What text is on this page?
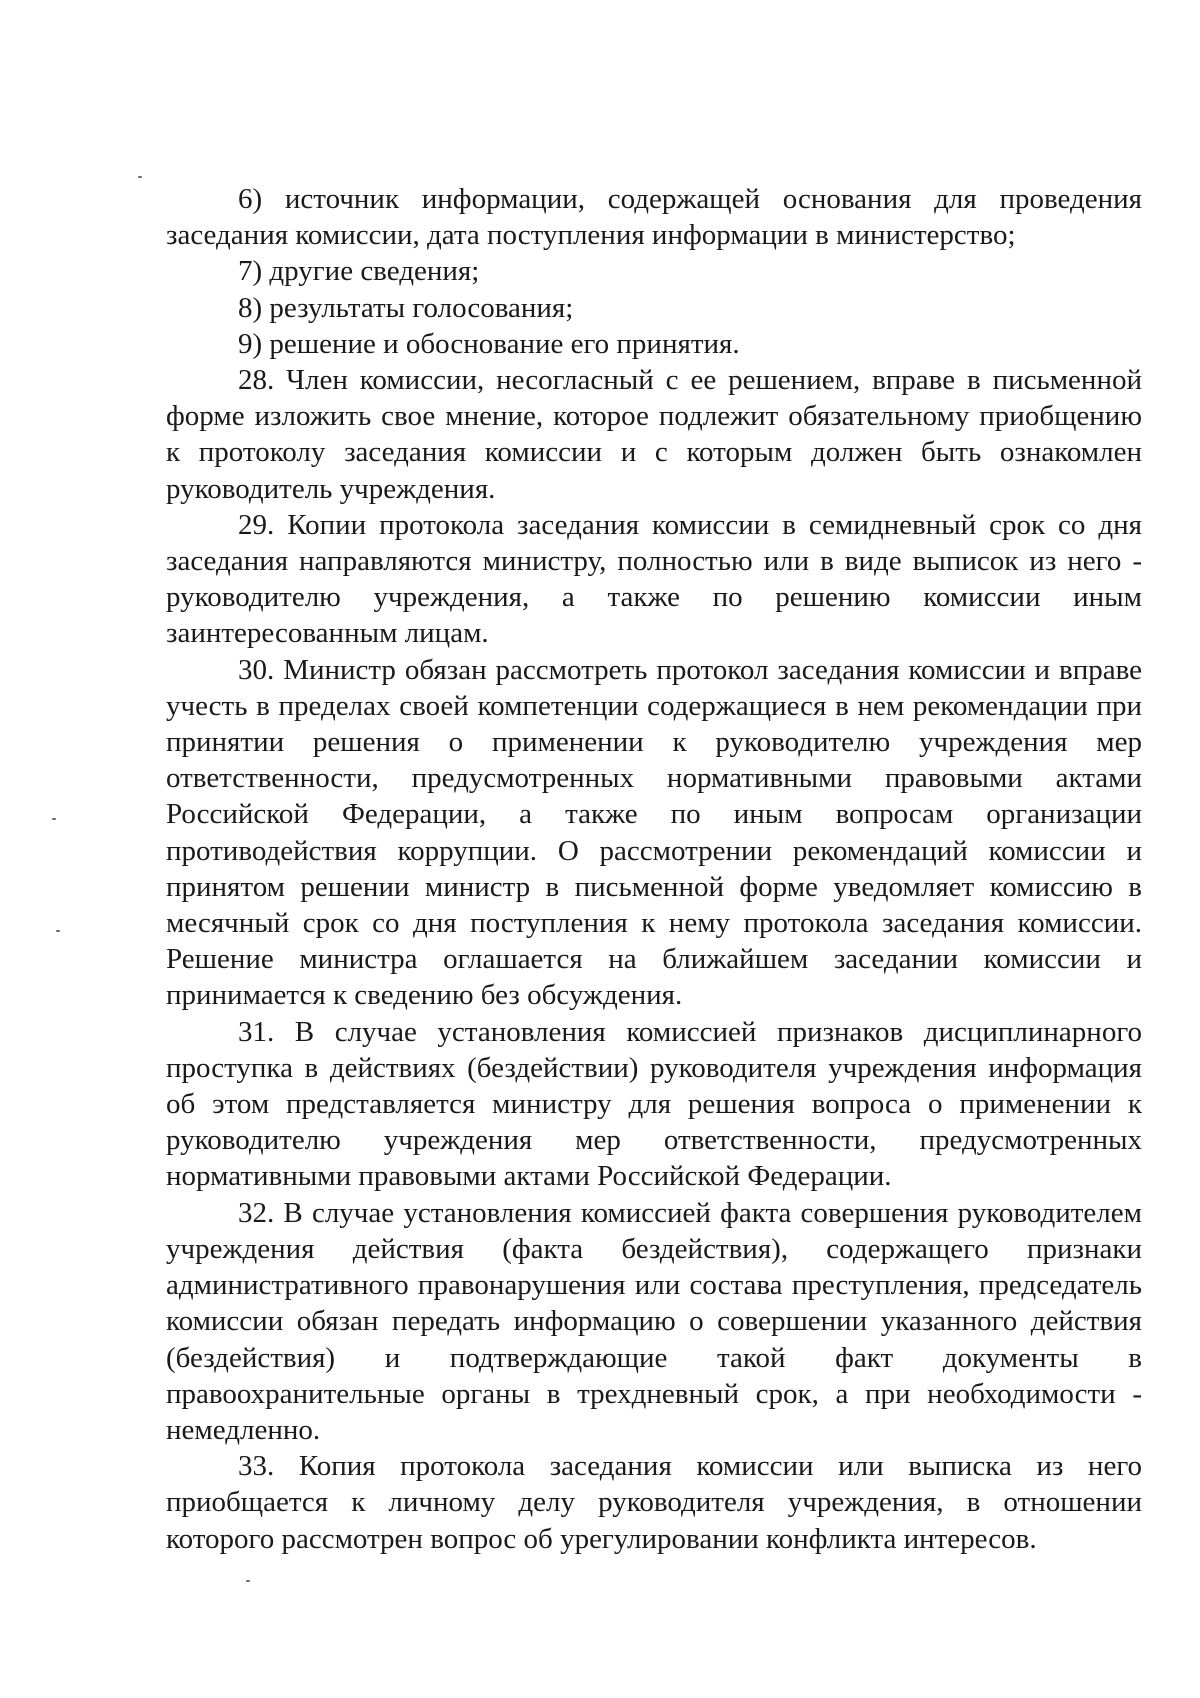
6) источник информации, содержащей основания для проведения заседания комиссии, дата поступления информации в министерство;

7) другие сведения;

8) результаты голосования;

9) решение и обоснование его принятия.

28. Член комиссии, несогласный с ее решением, вправе в письменной форме изложить свое мнение, которое подлежит обязательному приобщению к протоколу заседания комиссии и с которым должен быть ознакомлен руководитель учреждения.

29. Копии протокола заседания комиссии в семидневный срок со дня заседания направляются министру, полностью или в виде выписок из него - руководителю учреждения, а также по решению комиссии иным заинтересованным лицам.

30. Министр обязан рассмотреть протокол заседания комиссии и вправе учесть в пределах своей компетенции содержащиеся в нем рекомендации при принятии решения о применении к руководителю учреждения мер ответственности, предусмотренных нормативными правовыми актами Российской Федерации, а также по иным вопросам организации противодействия коррупции. О рассмотрении рекомендаций комиссии и принятом решении министр в письменной форме уведомляет комиссию в месячный срок со дня поступления к нему протокола заседания комиссии. Решение министра оглашается на ближайшем заседании комиссии и принимается к сведению без обсуждения.

31. В случае установления комиссией признаков дисциплинарного проступка в действиях (бездействии) руководителя учреждения информация об этом представляется министру для решения вопроса о применении к руководителю учреждения мер ответственности, предусмотренных нормативными правовыми актами Российской Федерации.

32. В случае установления комиссией факта совершения руководителем учреждения действия (факта бездействия), содержащего признаки административного правонарушения или состава преступления, председатель комиссии обязан передать информацию о совершении указанного действия (бездействия) и подтверждающие такой факт документы в правоохранительные органы в трехдневный срок, а при необходимости - немедленно.

33. Копия протокола заседания комиссии или выписка из него приобщается к личному делу руководителя учреждения, в отношении которого рассмотрен вопрос об урегулировании конфликта интересов.
